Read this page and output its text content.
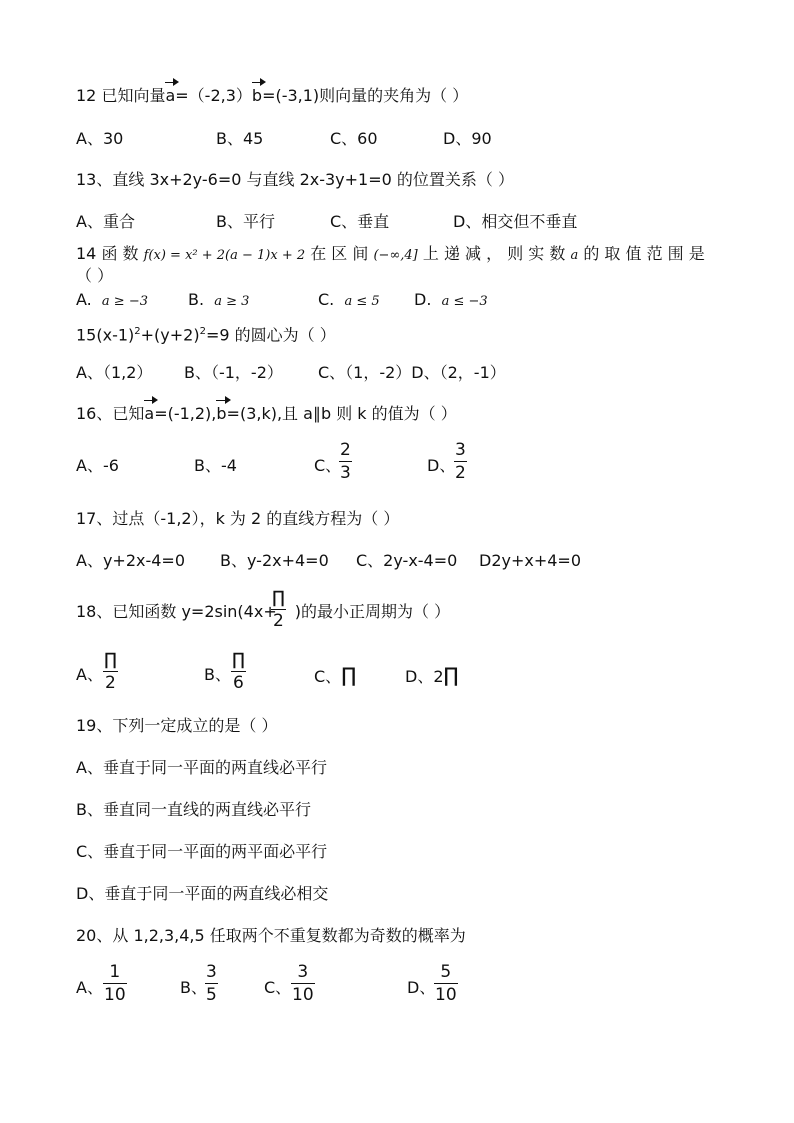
12 已知向量a=（-2,3）b=(-3,1)则向量的夹角为（ ）
A、30	B、45	C、60	D、90
13、直线 3x+2y-6=0 与直线 2x-3y+1=0 的位置关系（ ）
A、重合	B、平行	C、垂直	D、相交但不垂直
14 函 数 f(x) = x² + 2(a − 1)x + 2 在 区 间 (−∞,4] 上 递 减 ， 则 实 数 a 的 取 值 范 围 是
（ ）
A. a ≥ −3	B. a ≥ 3	C. a ≤ 5 D. a ≤ −3
$15(x-1)^2+(y+2)^2=9$ 的圆心为（ ）
A、（1,2） B、（-1，-2） C、（1，-2）D、（2，-1）
16、已知a=(-1,2),b=(3,k),且 a∥b 则 k 的值为（ ）
A、-6	B、-4	C、
2
3	D、
3
2
17、过点（-1,2），k 为 2 的直线方程为（ ）
A、y+2x-4=0 B、y-2x+4=0 C、2y-x-4=0 D2y+x+4=0
18、已知函数 y=2sin(4x+ )的最小正周期为（ ）
∏
2
A、
∏
2	B、
∏
6	C、∏	D、2∏
19、下列一定成立的是（ ）
A、垂直于同一平面的两直线必平行
B、垂直同一直线的两直线必平行
C、垂直于同一平面的两平面必平行
D、垂直于同一平面的两直线必相交
20、从 1,2,3,4,5 任取两个不重复数都为奇数的概率为
A、
1
10	B、
3
5	C、
3
10	D、
5
10
